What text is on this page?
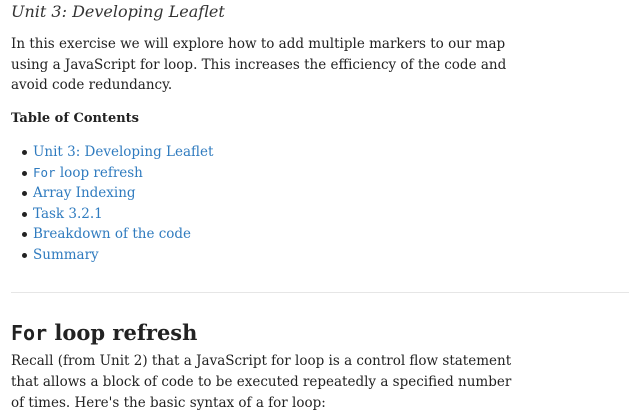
Unit 3: Developing Leaflet

In this exercise we will explore how to add multiple markers to our map using a JavaScript for loop. This increases the efficiency of the code and avoid code redundancy.

Table of Contents

Unit 3: Developing Leaflet
For loop refresh
Array Indexing
Task 3.2.1
Breakdown of the code
Summary
For loop refresh

Recall (from Unit 2) that a JavaScript for loop is a control flow statement that allows a block of code to be executed repeatedly a specified number of times. Here's the basic syntax of a for loop:
